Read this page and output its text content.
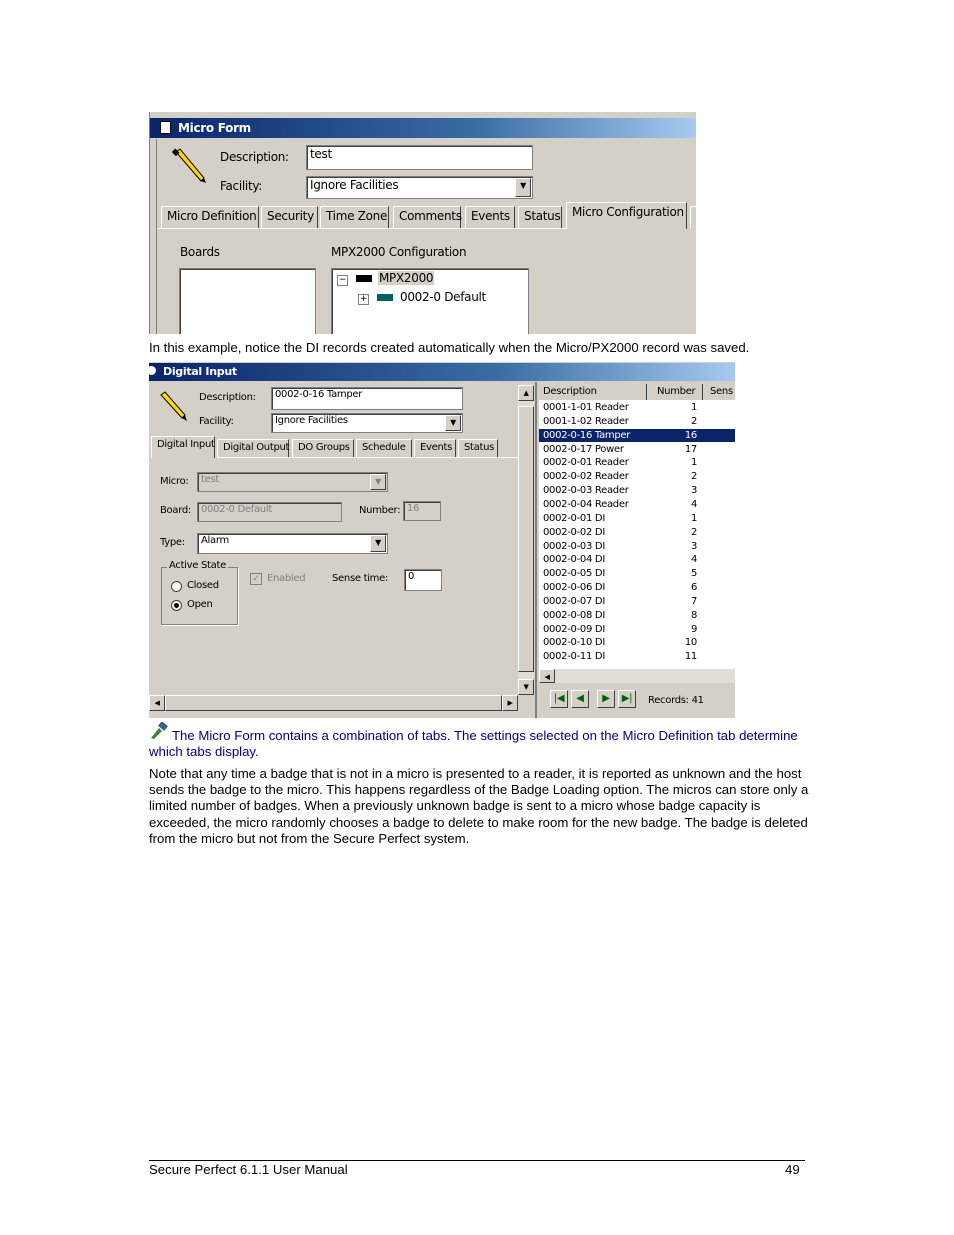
Micro Form
Description:	test
Facility:	Ignore Facilities	▼
Micro Definition Security	Time Zone Comments Events	Status Micro Configuration
Boards	MPX2000 Configuration
−	MPX2000
+	0002-0 Default
In this example, notice the DI records created automatically when the Micro/PX2000 record was saved.
Digital Input
Description:	0002-0-16 Tamper
Facility:	Ignore Facilities	▼
Digital Input Digital Output DO Groups	Schedule	Events	Status
Micro:	test	▼
Board:	0002-0 Default	Number: 16
Type:	Alarm	▼
Active State
Closed
Open
✓ Enabled	Sense time:	0
▲
▼
◀	▶
Description	Number	Sens
0001-1-01 Reader	1
0001-1-02 Reader	2
0002-0-16 Tamper	16
0002-0-17 Power	17
0002-0-01 Reader	1
0002-0-02 Reader	2
0002-0-03 Reader	3
0002-0-04 Reader	4
0002-0-01 DI	1
0002-0-02 DI	2
0002-0-03 DI	3
0002-0-04 DI	4
0002-0-05 DI	5
0002-0-06 DI	6
0002-0-07 DI	7
0002-0-08 DI	8
0002-0-09 DI	9
0002-0-10 DI	10
0002-0-11 DI	11
◀
|◀	◀	▶	▶|	Records: 41
The Micro Form contains a combination of tabs. The settings selected on the Micro Definition tab determine which tabs display.
Note that any time a badge that is not in a micro is presented to a reader, it is reported as unknown and the host sends the badge to the micro. This happens regardless of the Badge Loading option. The micros can store only a limited number of badges. When a previously unknown badge is sent to a micro whose badge capacity is exceeded, the micro randomly chooses a badge to delete to make room for the new badge. The badge is deleted from the micro but not from the Secure Perfect system.
Secure Perfect 6.1.1 User Manual	49
